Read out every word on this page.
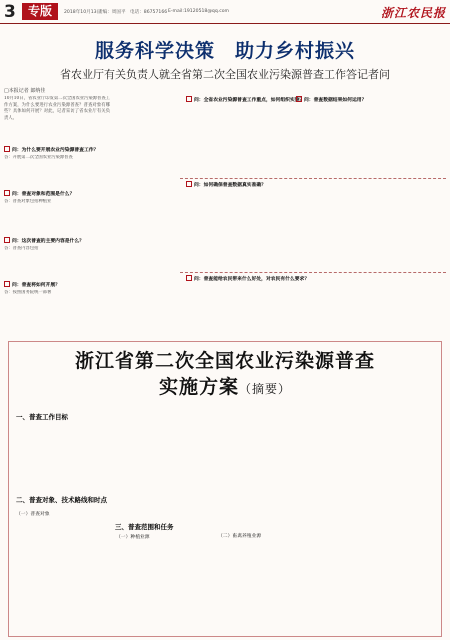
3	专版	2018年10月13日
责编：周国平 电话：86757166 E-mail:19120518@qq.com	浙江农民报
服务科学决策　助力乡村振兴
省农业厅有关负责人就全省第二次全国农业污染源普查工作答记者问
□本报记者 郎纳佳
10月10日，省农业厅印发第二次全国农业污染源普查工作方案，为什么要进行农业污染源普查？普查对象有哪些？具体如何开展？对此，记者采访了省农业厅有关负责人。
问：为什么要开展农业污染源普查工作？
答：开展第二次全国农业污染源普查
问：普查对象和范围是什么？
答：普查对象包括种植业
问：这次普查的主要内容是什么？
答：普查内容包括
问：普查将如何开展？
答：按照国务院统一部署
问：全省农业污染源普查工作重点，如何组织实施？
问：如何确保普查数据真实准确？
问：普查数据结果如何运用？
问：普查能给农民带来什么好处，对农民有什么要求？
浙江省第二次全国农业污染源普查
实施方案（摘要）
一、普查工作目标
二、普查对象、技术路线和时点
三、普查范围和任务
（一）普查对象
（一）种植业源	（二）畜禽养殖业源
